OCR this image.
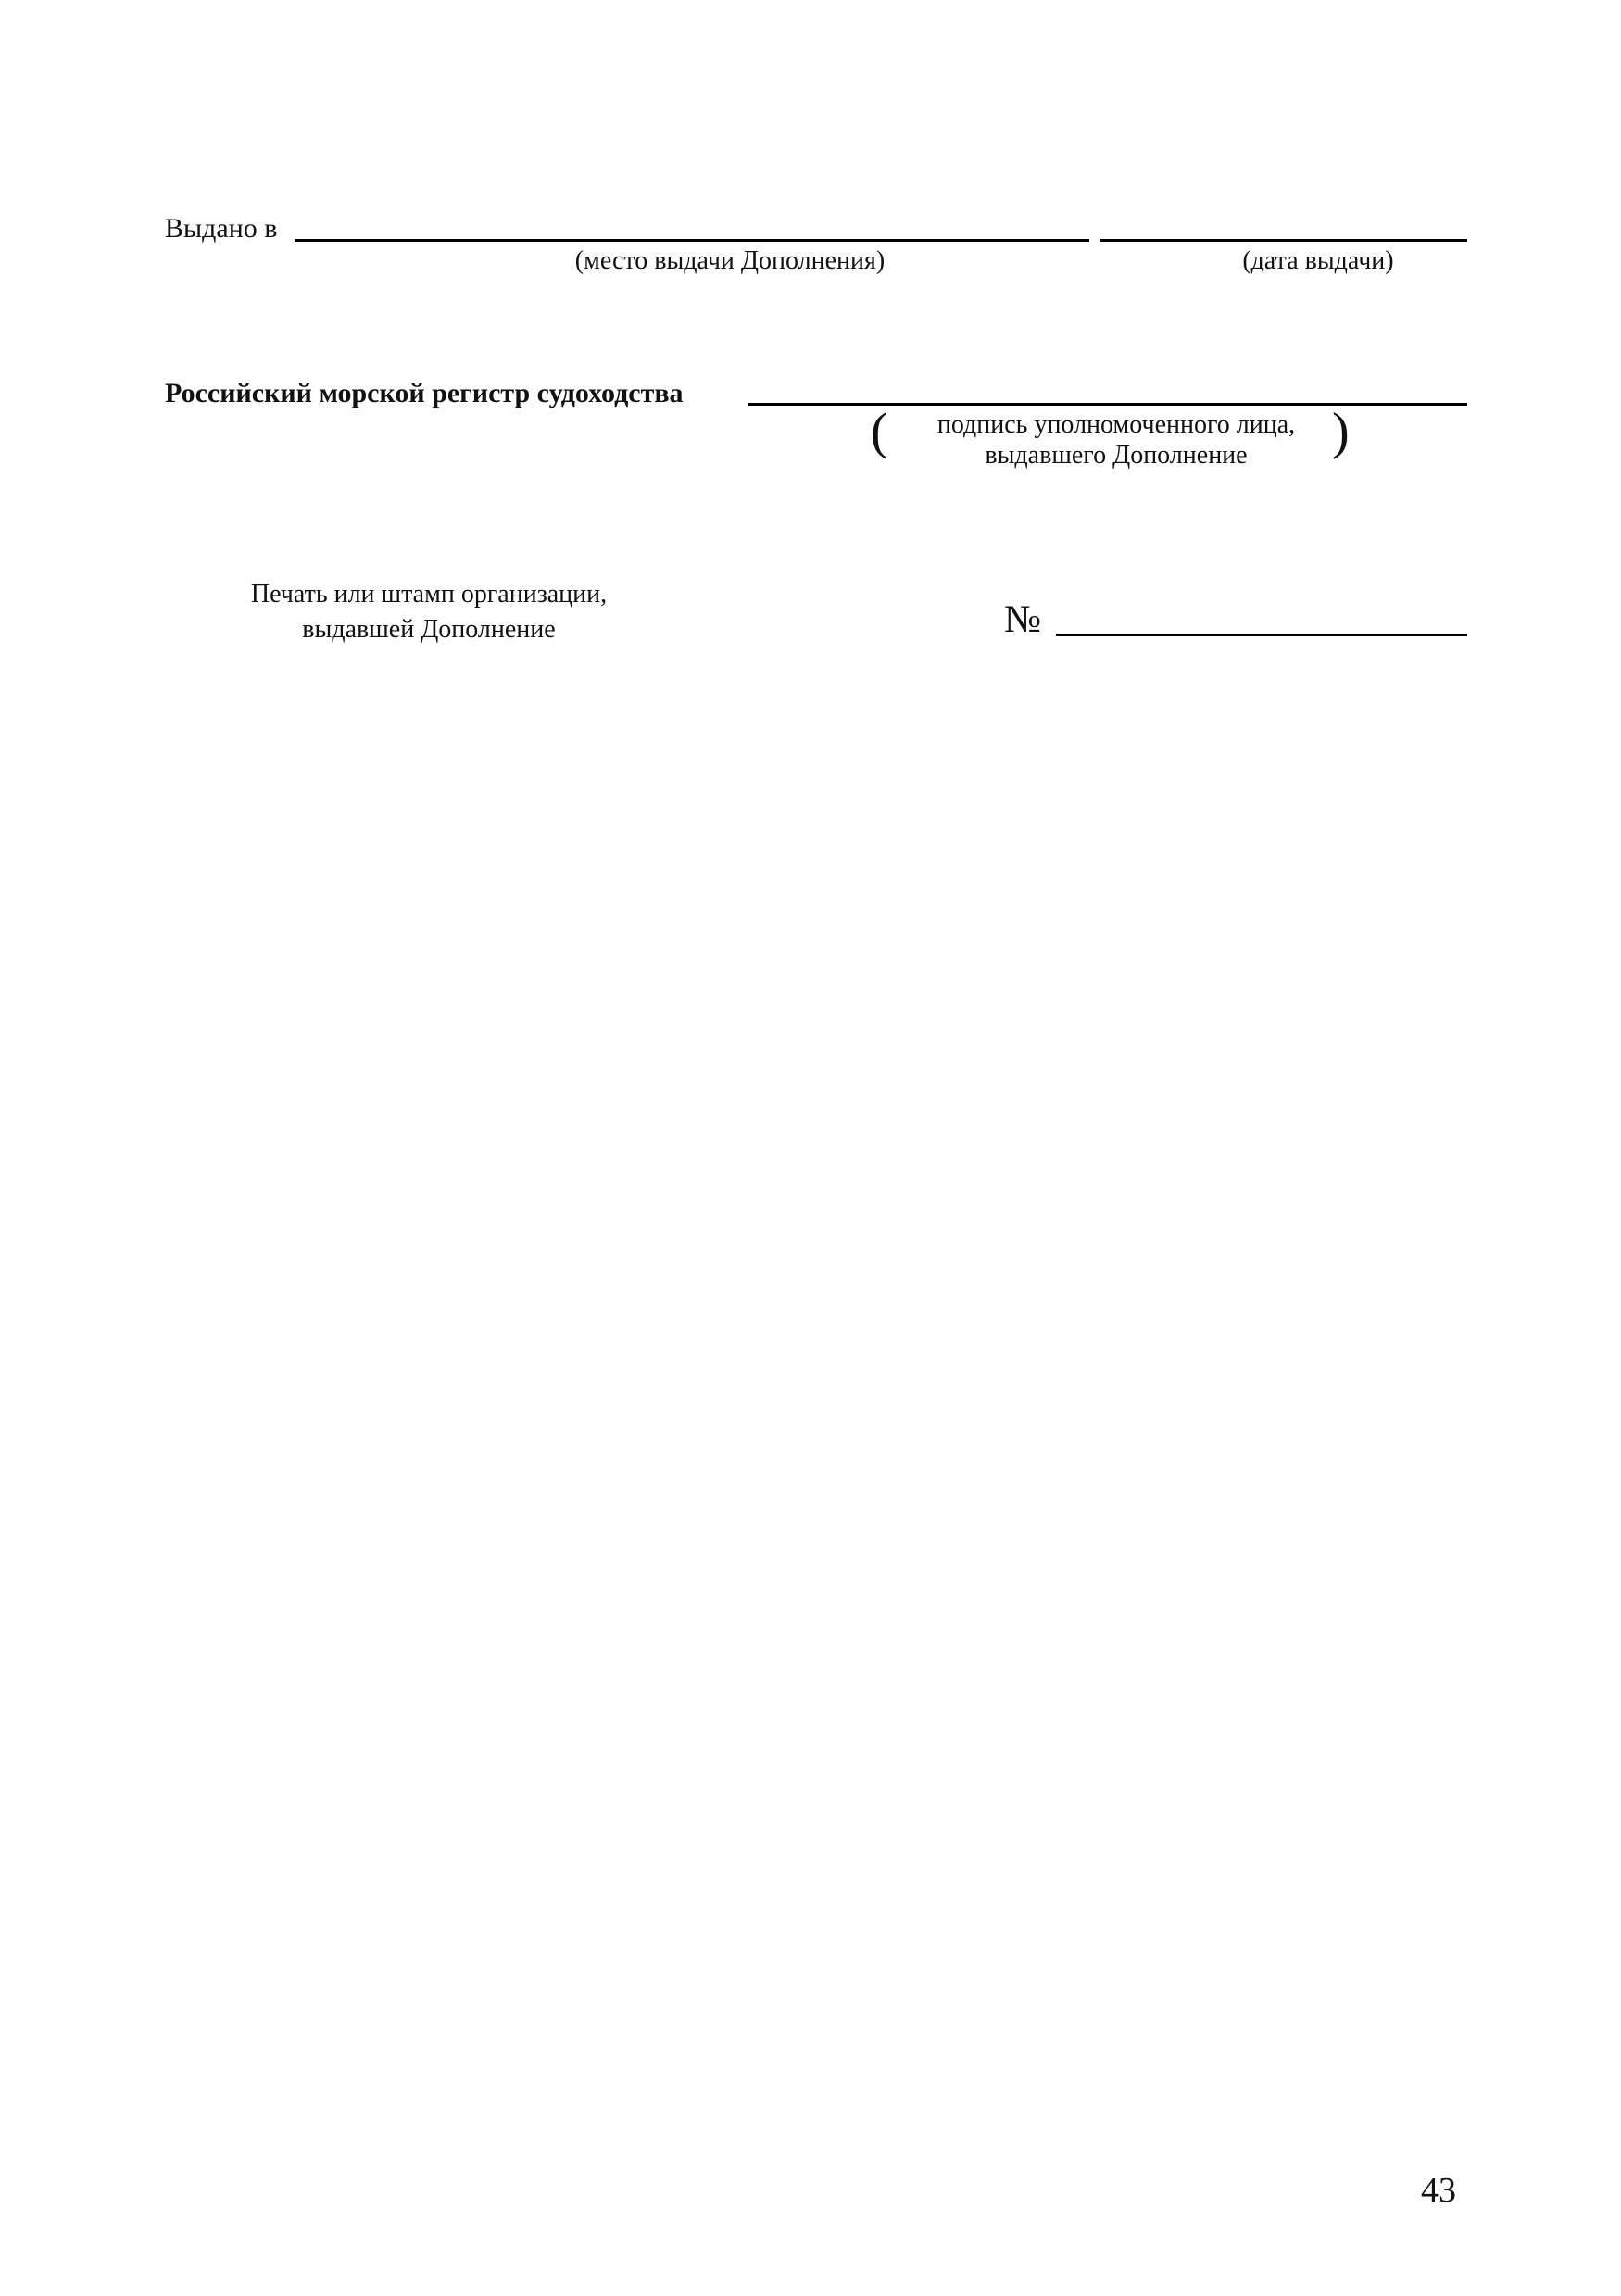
Выдано в
(место выдачи Дополнения)	(дата выдачи)
Российский морской регистр судоходства
(	подпись уполномоченного лица,
выдавшего Дополнение	)
Печать или штамп организации,
выдавшей Дополнение	№
43
